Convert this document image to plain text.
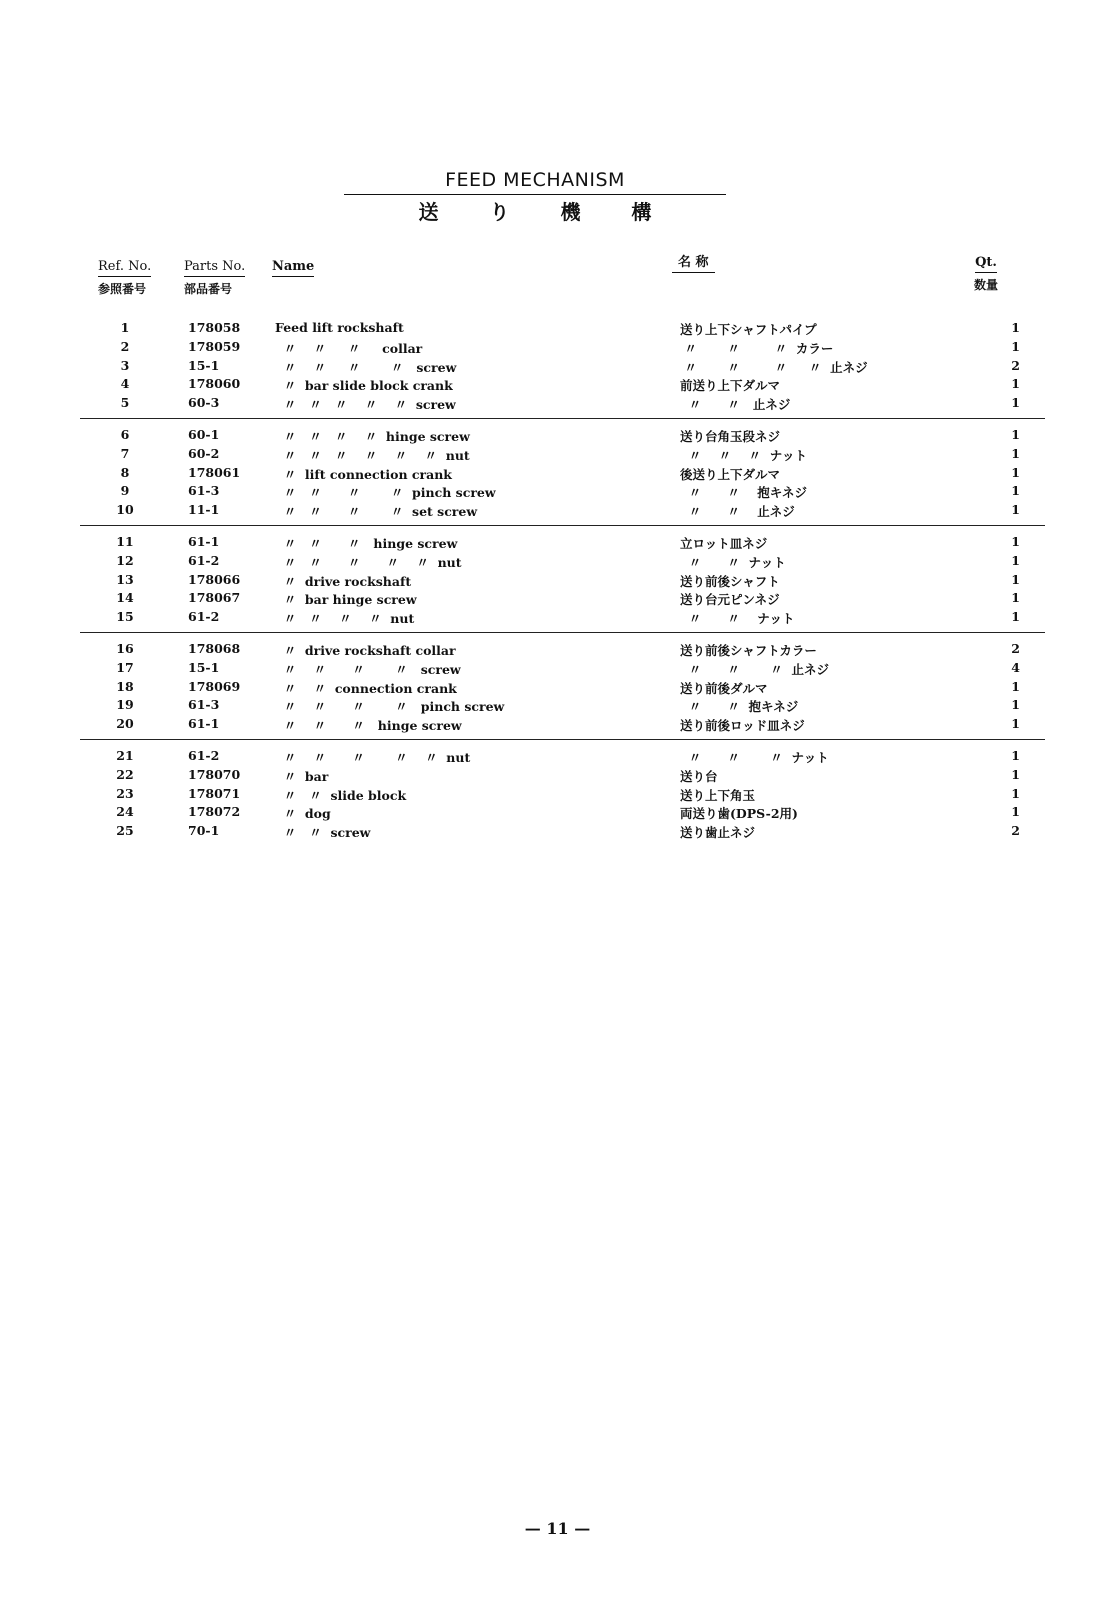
FEED MECHANISM
送 り 機 構
Ref. No.
参照番号
Parts No.
部品番号
Name	名 称	Qt.
数量
1	178058	Feed lift rockshaft	送り上下シャフトパイプ	1
2	178059	〃    〃     〃     collar	〃       〃        〃  カラー	1
3	15-1	〃    〃     〃       〃   screw	〃       〃        〃     〃  止ネジ	2
4	178060	〃  bar slide block crank	前送り上下ダルマ	1
5	60-3	〃   〃   〃    〃    〃  screw	〃      〃   止ネジ	1
6	60-1	〃   〃   〃    〃  hinge screw	送り台角玉段ネジ	1
7	60-2	〃   〃   〃    〃    〃    〃  nut	〃    〃    〃  ナット	1
8	178061	〃  lift connection crank	後送り上下ダルマ	1
9	61-3	〃   〃      〃       〃  pinch screw	〃      〃    抱キネジ	1
10	11-1	〃   〃      〃       〃  set screw	〃      〃    止ネジ	1
11	61-1	〃   〃      〃   hinge screw	立ロット皿ネジ	1
12	61-2	〃   〃      〃      〃    〃  nut	〃      〃  ナット	1
13	178066	〃  drive rockshaft	送り前後シャフト	1
14	178067	〃  bar hinge screw	送り台元ピンネジ	1
15	61-2	〃   〃    〃    〃  nut	〃      〃    ナット	1
16	178068	〃  drive rockshaft collar	送り前後シャフトカラー	2
17	15-1	〃    〃      〃       〃   screw	〃      〃       〃  止ネジ	4
18	178069	〃    〃  connection crank	送り前後ダルマ	1
19	61-3	〃    〃      〃       〃   pinch screw	〃      〃  抱キネジ	1
20	61-1	〃    〃      〃   hinge screw	送り前後ロッド皿ネジ	1
21	61-2	〃    〃      〃       〃    〃  nut	〃      〃       〃  ナット	1
22	178070	〃  bar	送り台	1
23	178071	〃   〃  slide block	送り上下角玉	1
24	178072	〃  dog	両送り歯(DPS-2用)	1
25	70-1	〃   〃  screw	送り歯止ネジ	2
— 11 —
